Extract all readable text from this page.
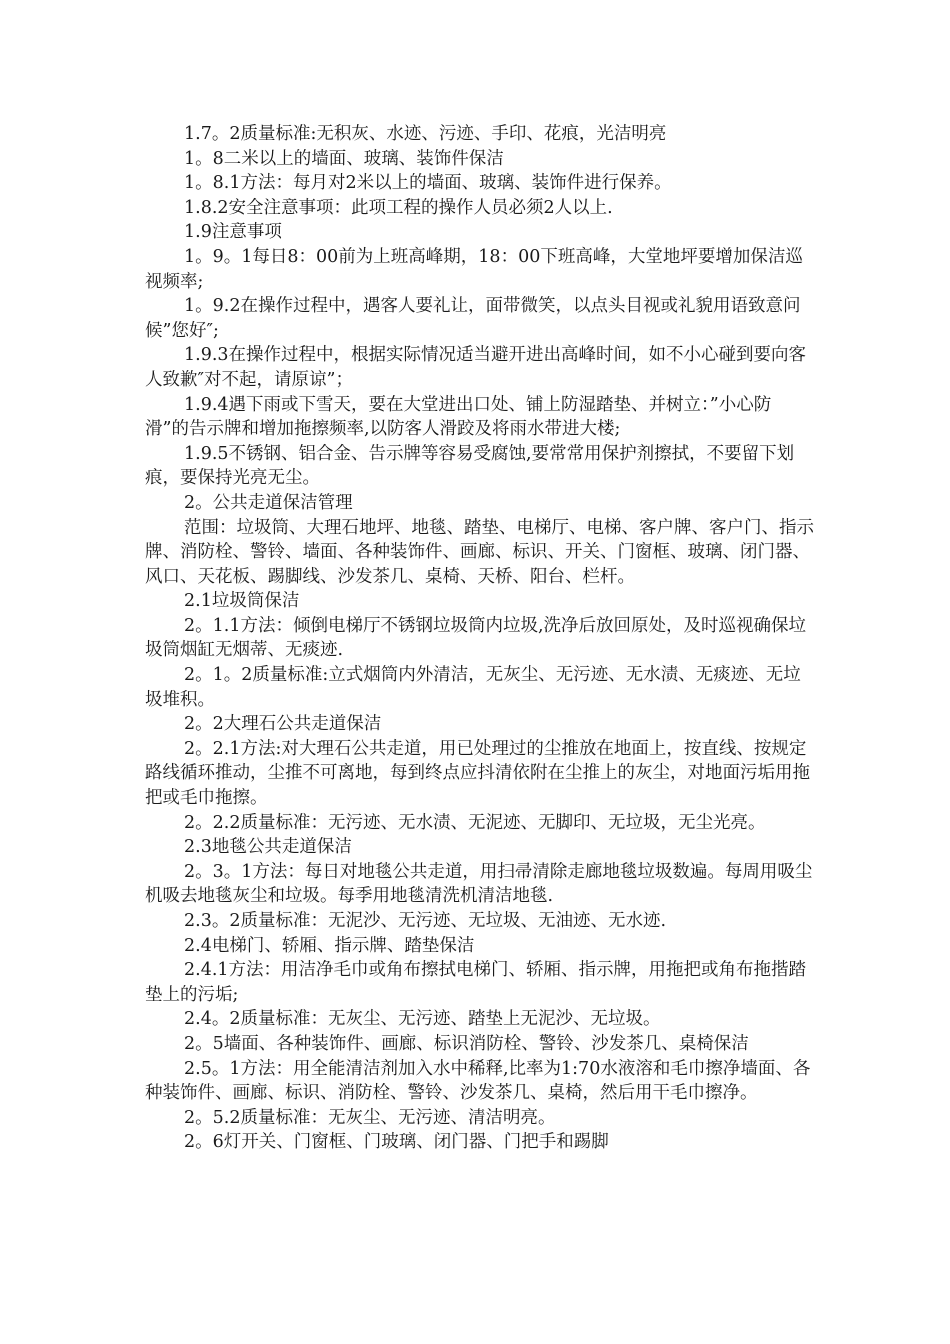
1.7。2质量标准:无积灰、水迹、污迹、手印、花痕，光洁明亮

1。8二米以上的墙面、玻璃、装饰件保洁

1。8.1方法：每月对2米以上的墙面、玻璃、装饰件进行保养。

1.8.2安全注意事项：此项工程的操作人员必须2人以上.

1.9注意事项

1。9。1每日8：00前为上班高峰期，18：00下班高峰，大堂地坪要增加保洁巡视频率;

1。9.2在操作过程中，遇客人要礼让，面带微笑，以点头目视或礼貌用语致意问候”您好″;

1.9.3在操作过程中，根据实际情况适当避开进出高峰时间，如不小心碰到要向客人致歉″对不起，请原谅”；

1.9.4遇下雨或下雪天，要在大堂进出口处、铺上防湿踏垫、并树立：”小心防滑”的告示牌和增加拖擦频率,以防客人滑跤及将雨水带进大楼;

1.9.5不锈钢、铝合金、告示牌等容易受腐蚀,要常常用保护剂擦拭，不要留下划痕，要保持光亮无尘。

2。公共走道保洁管理

范围：垃圾筒、大理石地坪、地毯、踏垫、电梯厅、电梯、客户牌、客户门、指示牌、消防栓、警铃、墙面、各种装饰件、画廊、标识、开关、门窗框、玻璃、闭门器、风口、天花板、踢脚线、沙发茶几、桌椅、天桥、阳台、栏杆。

2.1垃圾筒保洁

2。1.1方法：倾倒电梯厅不锈钢垃圾筒内垃圾,洗净后放回原处，及时巡视确保垃圾筒烟缸无烟蒂、无痰迹.

2。1。2质量标准:立式烟筒内外清洁，无灰尘、无污迹、无水渍、无痰迹、无垃圾堆积。

2。2大理石公共走道保洁

2。2.1方法:对大理石公共走道，用已处理过的尘推放在地面上，按直线、按规定路线循环推动，尘推不可离地，每到终点应抖清依附在尘推上的灰尘，对地面污垢用拖把或毛巾拖擦。

2。2.2质量标准：无污迹、无水渍、无泥迹、无脚印、无垃圾，无尘光亮。

2.3地毯公共走道保洁

2。3。1方法：每日对地毯公共走道，用扫帚清除走廊地毯垃圾数遍。每周用吸尘机吸去地毯灰尘和垃圾。每季用地毯清洗机清洁地毯.

2.3。2质量标准：无泥沙、无污迹、无垃圾、无油迹、无水迹.

2.4电梯门、轿厢、指示牌、踏垫保洁

2.4.1方法：用洁净毛巾或角布擦拭电梯门、轿厢、指示牌，用拖把或角布拖揩踏垫上的污垢;

2.4。2质量标准：无灰尘、无污迹、踏垫上无泥沙、无垃圾。

2。5墙面、各种装饰件、画廊、标识消防栓、警铃、沙发茶几、桌椅保洁

2.5。1方法：用全能清洁剂加入水中稀释,比率为1:70水液溶和毛巾擦净墙面、各种装饰件、画廊、标识、消防栓、警铃、沙发茶几、桌椅，然后用干毛巾擦净。

2。5.2质量标准：无灰尘、无污迹、清洁明亮。

2。6灯开关、门窗框、门玻璃、闭门器、门把手和踢脚
